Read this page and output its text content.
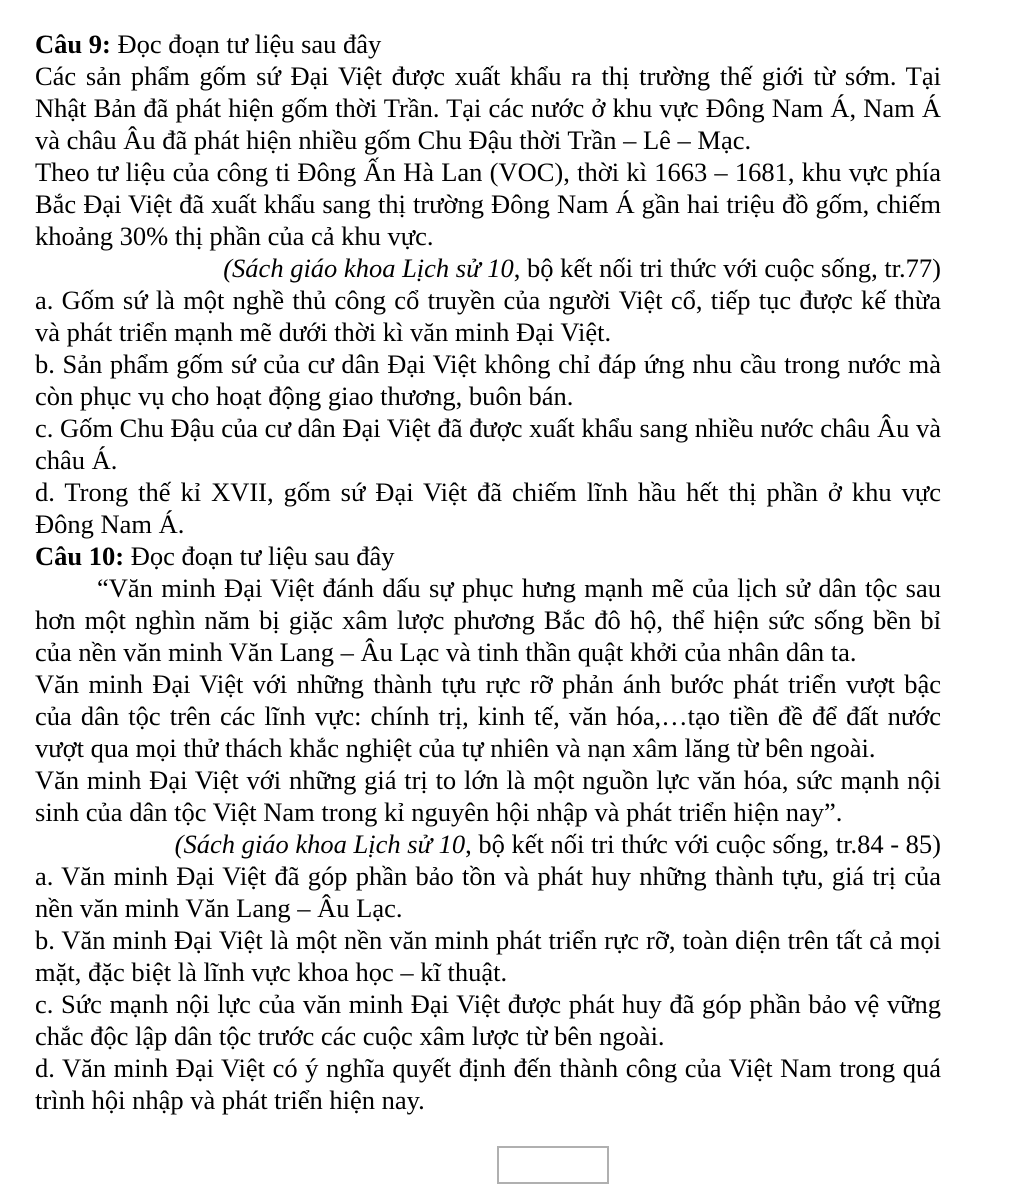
Câu 9: Đọc đoạn tư liệu sau đây

Các sản phẩm gốm sứ Đại Việt được xuất khẩu ra thị trường thế giới từ sớm. Tại Nhật Bản đã phát hiện gốm thời Trần. Tại các nước ở khu vực Đông Nam Á, Nam Á và châu Âu đã phát hiện nhiều gốm Chu Đậu thời Trần – Lê – Mạc.

Theo tư liệu của công ti Đông Ấn Hà Lan (VOC), thời kì 1663 – 1681, khu vực phía Bắc Đại Việt đã xuất khẩu sang thị trường Đông Nam Á gần hai triệu đồ gốm, chiếm khoảng 30% thị phần của cả khu vực.

(Sách giáo khoa Lịch sử 10, bộ kết nối tri thức với cuộc sống, tr.77)

a. Gốm sứ là một nghề thủ công cổ truyền của người Việt cổ, tiếp tục được kế thừa và phát triển mạnh mẽ dưới thời kì văn minh Đại Việt.

b. Sản phẩm gốm sứ của cư dân Đại Việt không chỉ đáp ứng nhu cầu trong nước mà còn phục vụ cho hoạt động giao thương, buôn bán.

c. Gốm Chu Đậu của cư dân Đại Việt đã được xuất khẩu sang nhiều nước châu Âu và châu Á.

d. Trong thế kỉ XVII, gốm sứ Đại Việt đã chiếm lĩnh hầu hết thị phần ở khu vực Đông Nam Á.

Câu 10: Đọc đoạn tư liệu sau đây

“Văn minh Đại Việt đánh dấu sự phục hưng mạnh mẽ của lịch sử dân tộc sau hơn một nghìn năm bị giặc xâm lược phương Bắc đô hộ, thể hiện sức sống bền bỉ của nền văn minh Văn Lang – Âu Lạc và tinh thần quật khởi của nhân dân ta.

Văn minh Đại Việt với những thành tựu rực rỡ phản ánh bước phát triển vượt bậc của dân tộc trên các lĩnh vực: chính trị, kinh tế, văn hóa,…tạo tiền đề để đất nước vượt qua mọi thử thách khắc nghiệt của tự nhiên và nạn xâm lăng từ bên ngoài.

Văn minh Đại Việt với những giá trị to lớn là một nguồn lực văn hóa, sức mạnh nội sinh của dân tộc Việt Nam trong kỉ nguyên hội nhập và phát triển hiện nay”.

(Sách giáo khoa Lịch sử 10, bộ kết nối tri thức với cuộc sống, tr.84 - 85)

a. Văn minh Đại Việt đã góp phần bảo tồn và phát huy những thành tựu, giá trị của nền văn minh Văn Lang – Âu Lạc.

b. Văn minh Đại Việt là một nền văn minh phát triển rực rỡ, toàn diện trên tất cả mọi mặt, đặc biệt là lĩnh vực khoa học – kĩ thuật.

c. Sức mạnh nội lực của văn minh Đại Việt được phát huy đã góp phần bảo vệ vững chắc độc lập dân tộc trước các cuộc xâm lược từ bên ngoài.

d. Văn minh Đại Việt có ý nghĩa quyết định đến thành công của Việt Nam trong quá trình hội nhập và phát triển hiện nay.
